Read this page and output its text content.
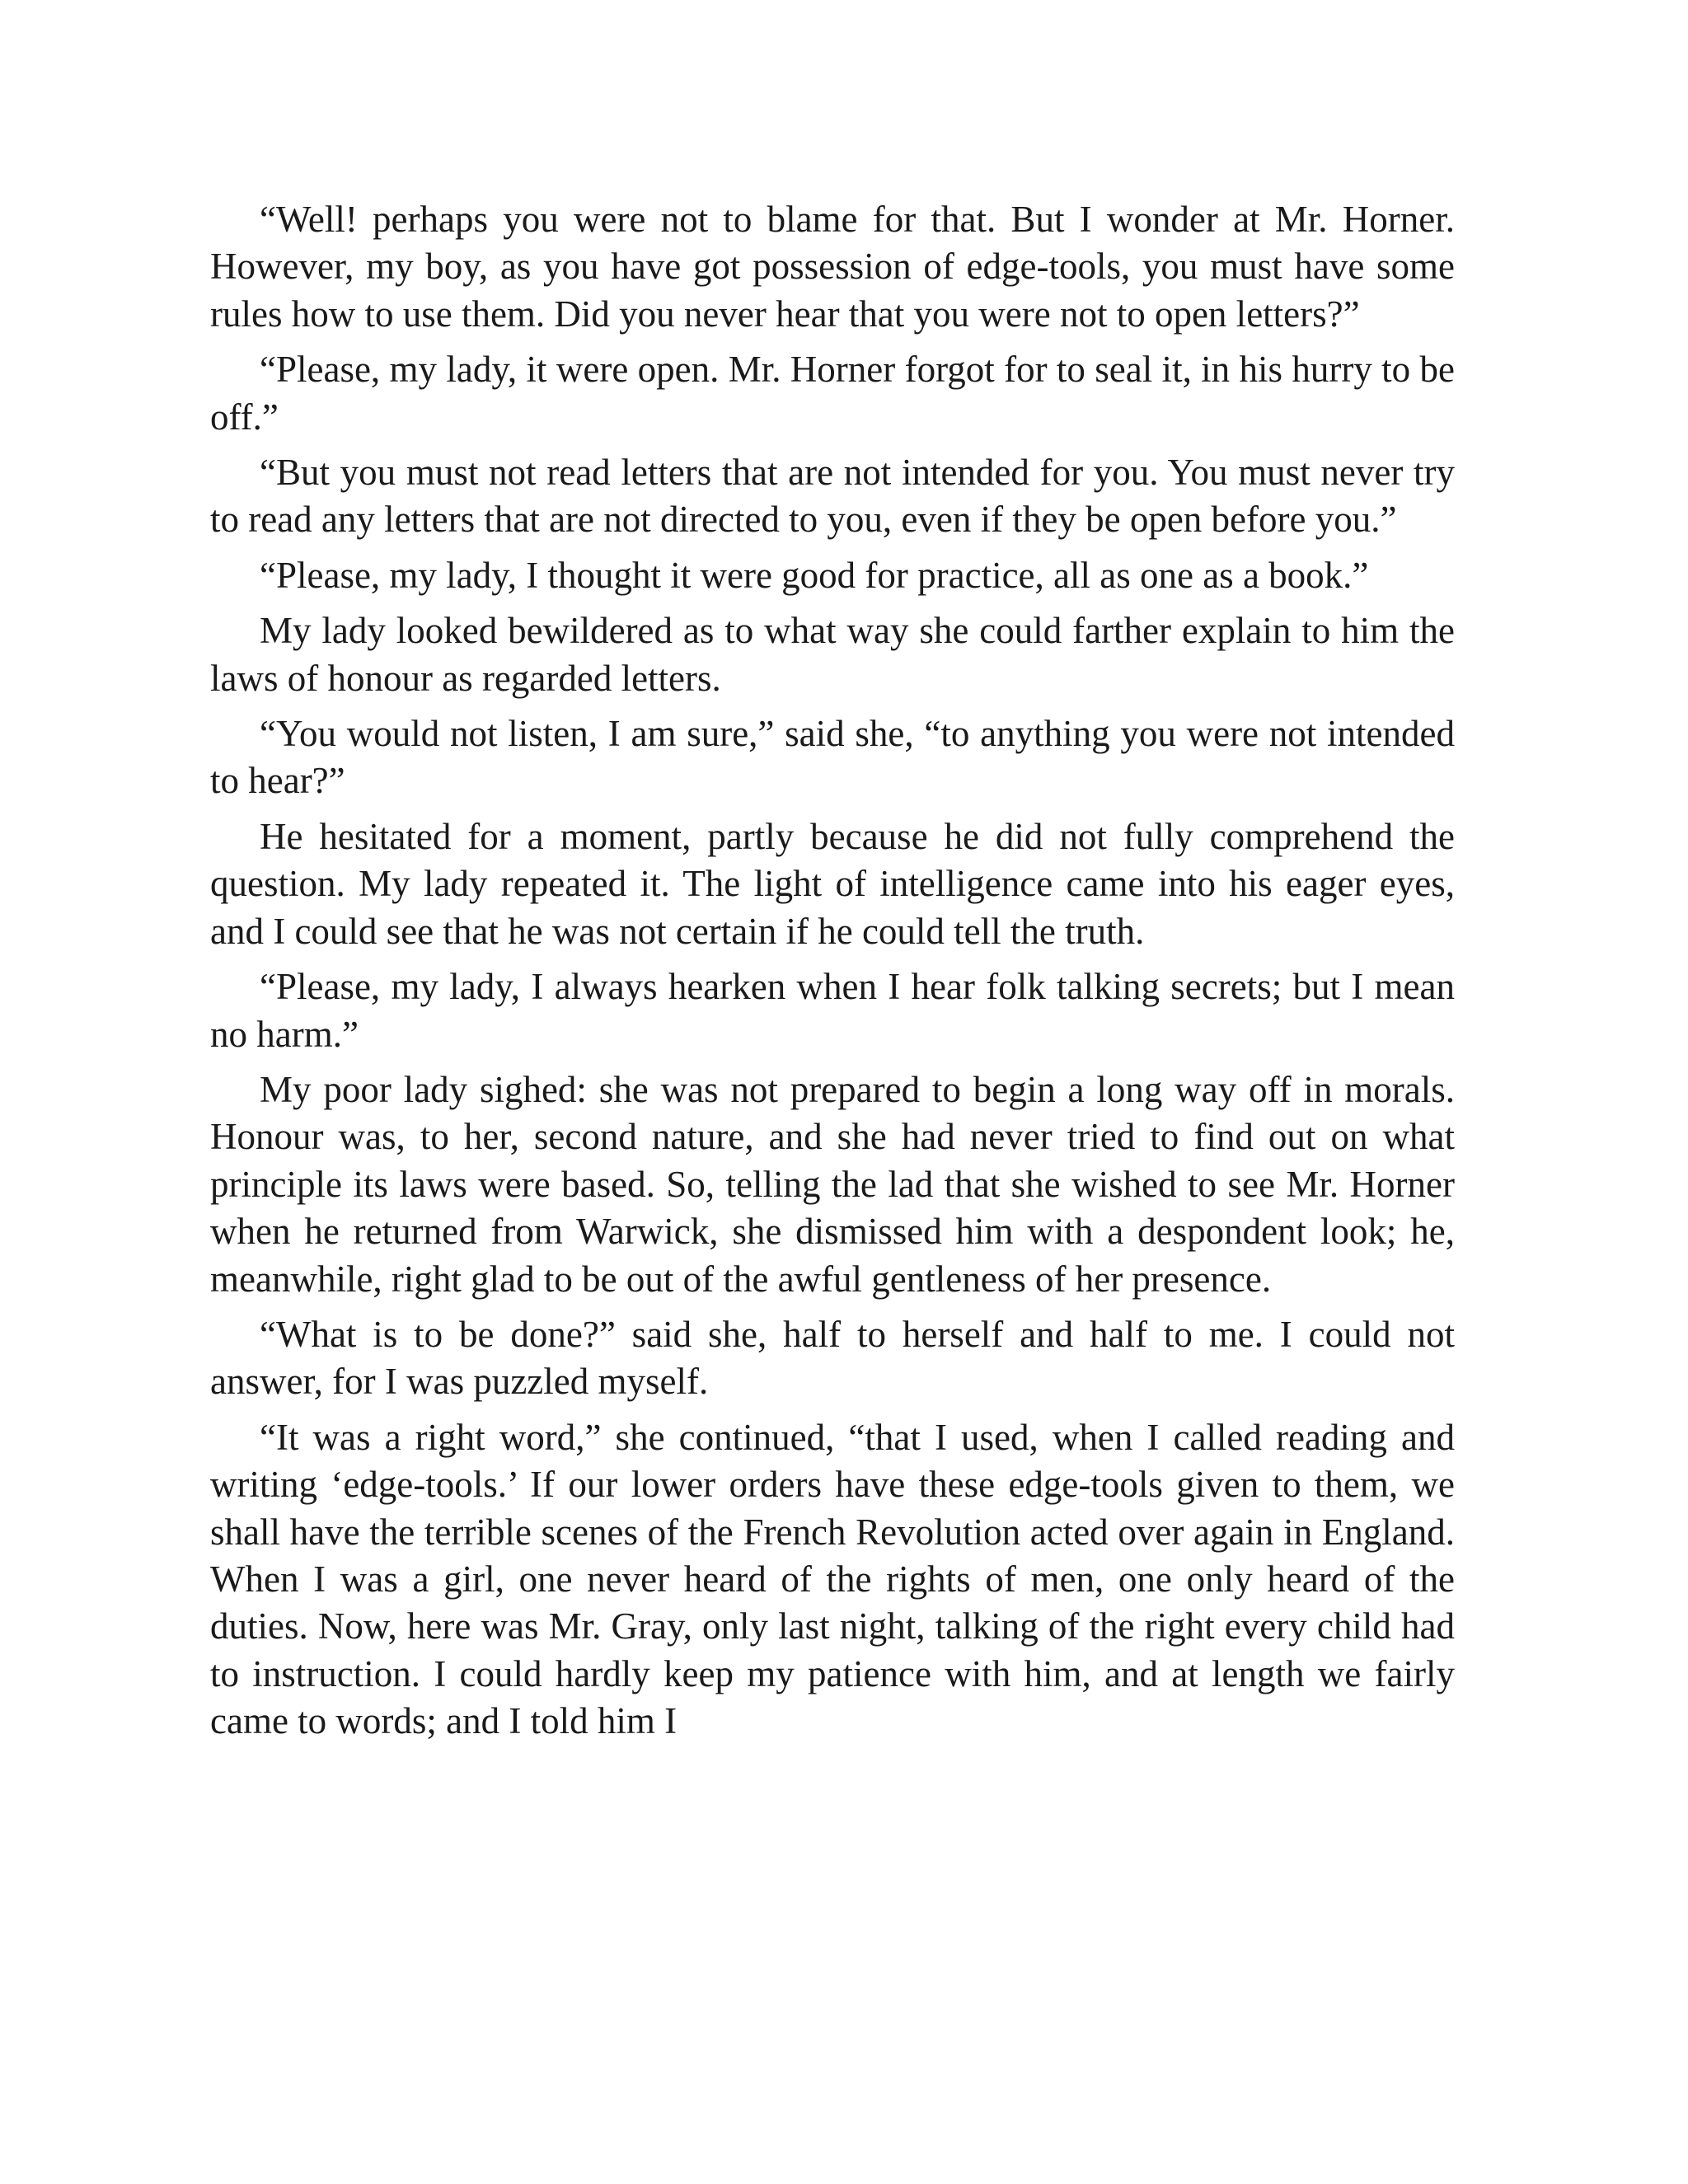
“Well! perhaps you were not to blame for that. But I wonder at Mr. Horner. However, my boy, as you have got possession of edge-tools, you must have some rules how to use them. Did you never hear that you were not to open letters?”

“Please, my lady, it were open. Mr. Horner forgot for to seal it, in his hurry to be off.”

“But you must not read letters that are not intended for you. You must never try to read any letters that are not directed to you, even if they be open before you.”

“Please, my lady, I thought it were good for practice, all as one as a book.”

My lady looked bewildered as to what way she could farther explain to him the laws of honour as regarded letters.

“You would not listen, I am sure,” said she, “to anything you were not intended to hear?”

He hesitated for a moment, partly because he did not fully comprehend the question. My lady repeated it. The light of intelligence came into his eager eyes, and I could see that he was not certain if he could tell the truth.

“Please, my lady, I always hearken when I hear folk talking secrets; but I mean no harm.”

My poor lady sighed: she was not prepared to begin a long way off in morals. Honour was, to her, second nature, and she had never tried to find out on what principle its laws were based. So, telling the lad that she wished to see Mr. Horner when he returned from Warwick, she dismissed him with a despondent look; he, meanwhile, right glad to be out of the awful gentleness of her presence.

“What is to be done?” said she, half to herself and half to me. I could not answer, for I was puzzled myself.

“It was a right word,” she continued, “that I used, when I called reading and writing ‘edge-tools.’ If our lower orders have these edge-tools given to them, we shall have the terrible scenes of the French Revolution acted over again in England. When I was a girl, one never heard of the rights of men, one only heard of the duties. Now, here was Mr. Gray, only last night, talking of the right every child had to instruction. I could hardly keep my patience with him, and at length we fairly came to words; and I told him I
